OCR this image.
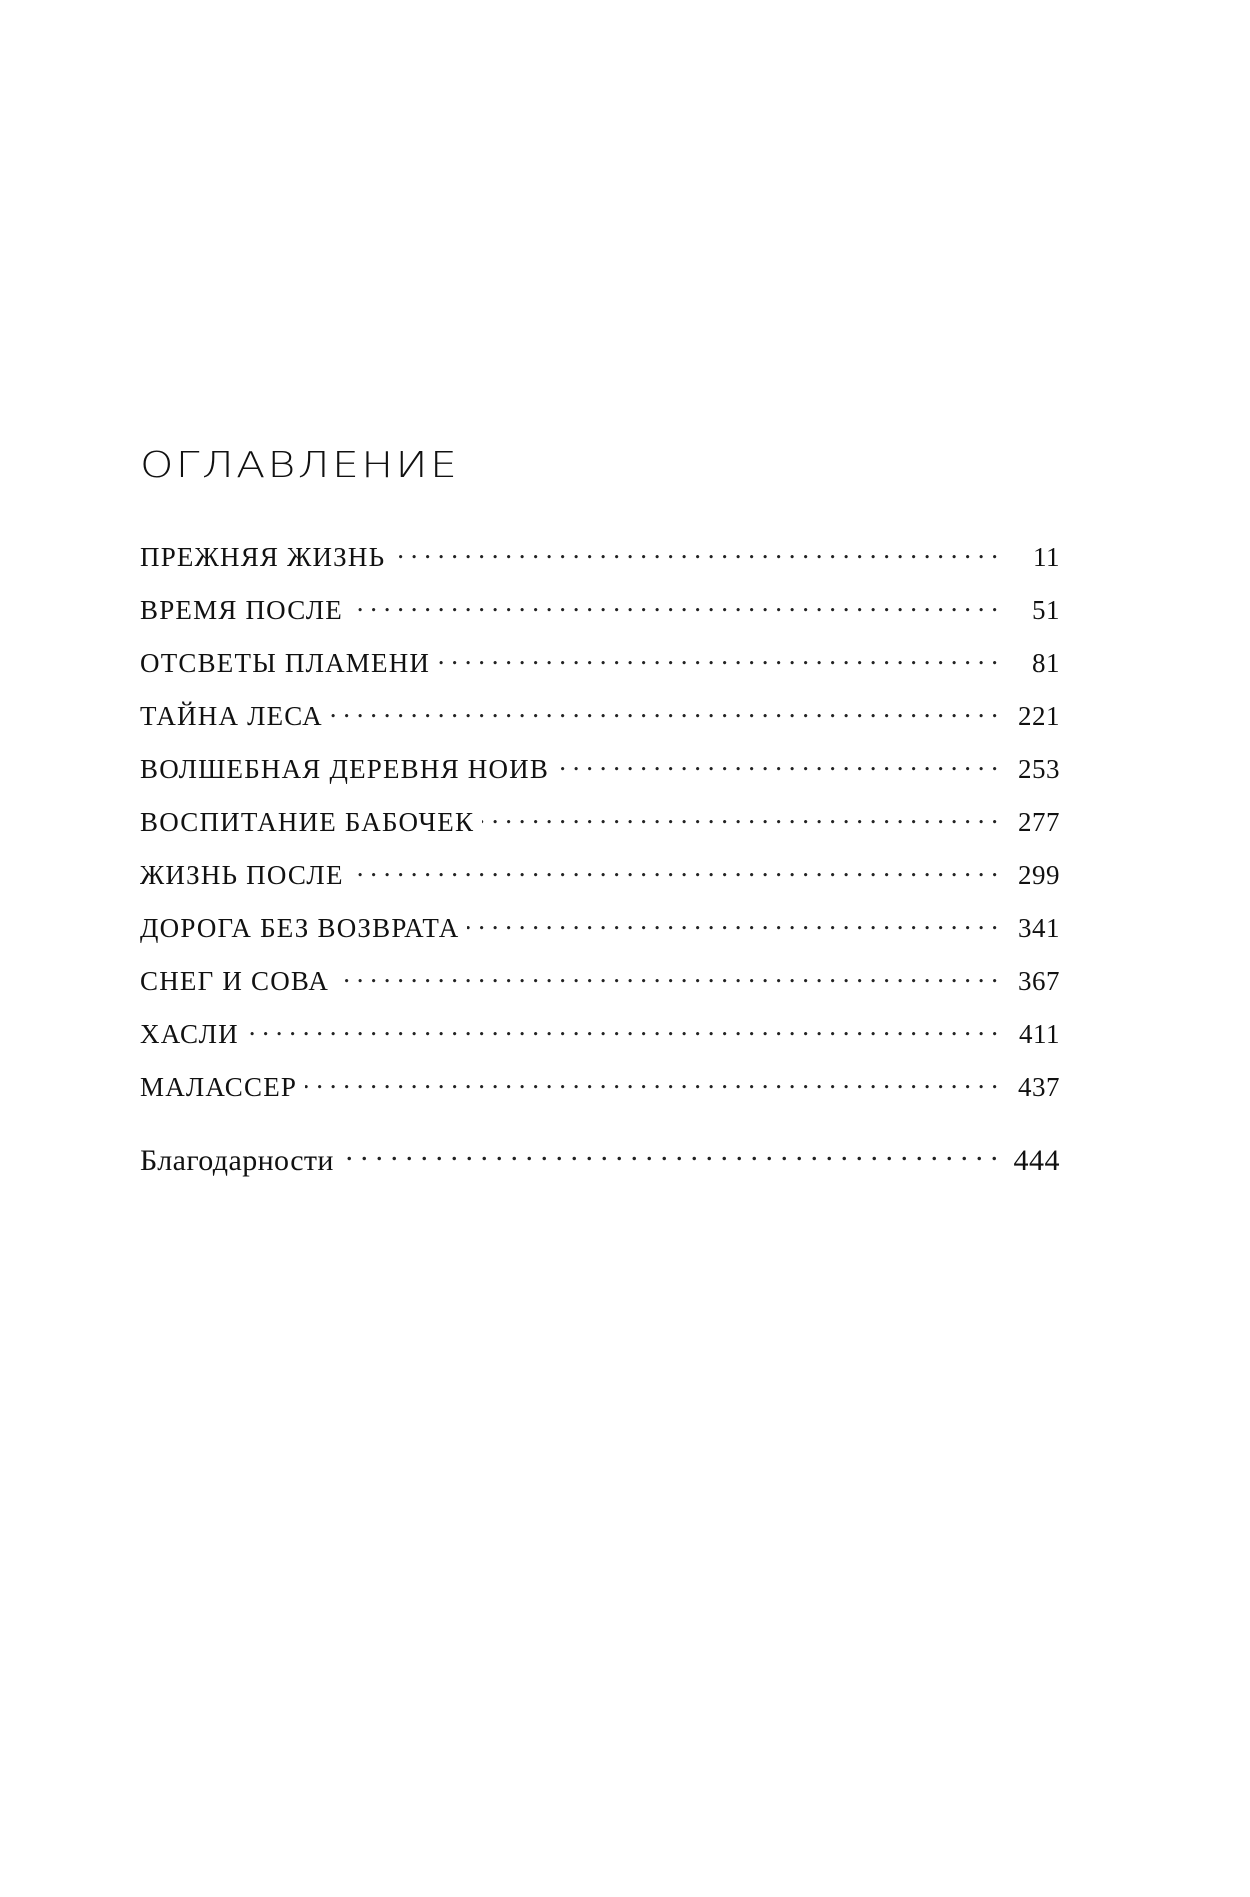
ОГЛАВЛЕНИЕ
ПРЕЖНЯЯ ЖИЗНЬ . . .	11
ВРЕМЯ ПОСЛЕ . . .	51
ОТСВЕТЫ ПЛАМЕНИ . . .	81
ТАЙНА ЛЕСА . . .	221
ВОЛШЕБНАЯ ДЕРЕВНЯ НОИВ . . .	253
ВОСПИТАНИЕ БАБОЧЕК . . .	277
ЖИЗНЬ ПОСЛЕ . . .	299
ДОРОГА БЕЗ ВОЗВРАТА . . .	341
СНЕГ И СОВА . . .	367
ХАСЛИ . . .	411
МАЛАССЕР . . .	437
Благодарности . . .	444
